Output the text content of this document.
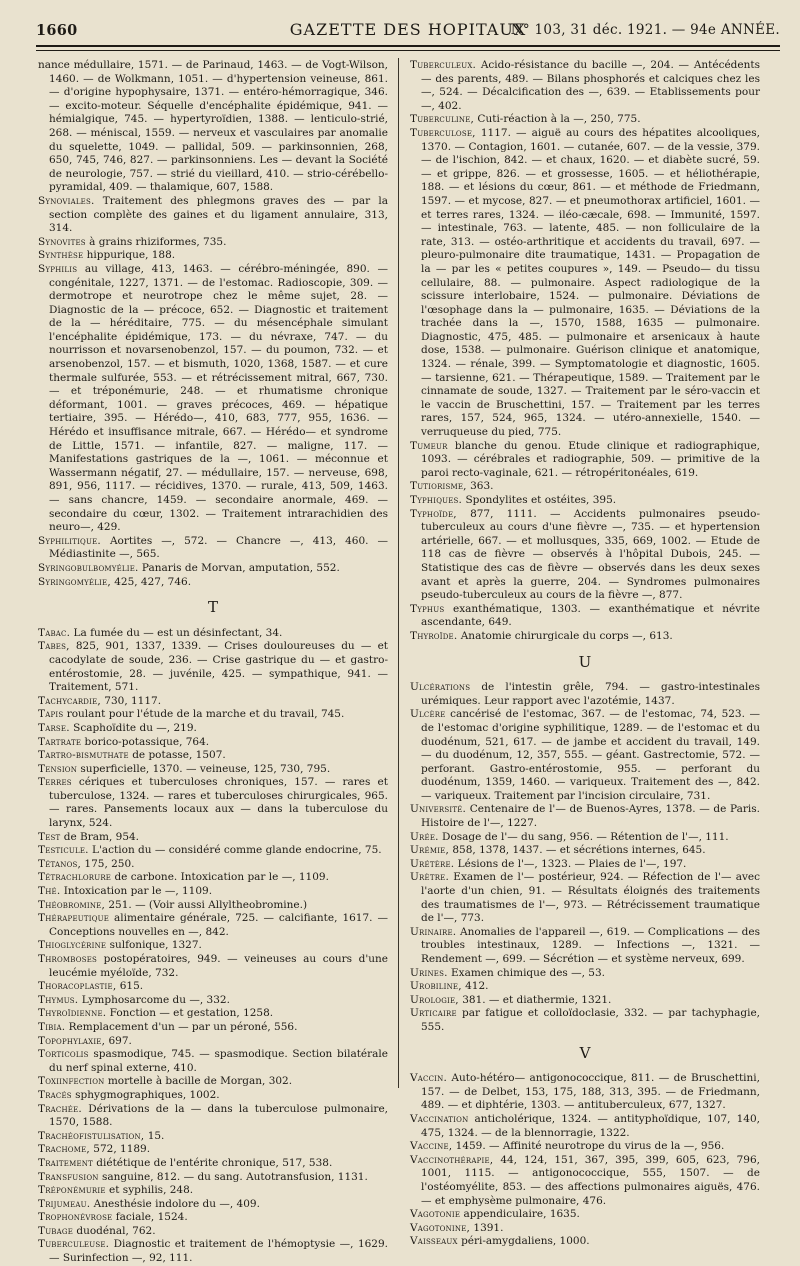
1660	GAZETTE DES HOPITAUX
N° 103, 31 déc. 1921. — 94e ANNÉE.

nance médullaire, 1571. — de Parinaud, 1463. — de Vogt-Wilson, 1460. — de Wolkmann, 1051. — d'hypertension veineuse, 861. — d'origine hypophysaire, 1371. — entéro-hémorragique, 346. — excito-moteur. Séquelle d'encéphalite épidémique, 941. — hémialgique, 745. — hypertyroïdien, 1388. — lenticulo-strié, 268. — méniscal, 1559. — nerveux et vasculaires par anomalie du squelette, 1049. — pallidal, 509. — parkinsonnien, 268, 650, 745, 746, 827. — parkinsonniens. Les — devant la Société de neurologie, 757. — strié du vieillard, 410. — strio-cérébello-pyramidal, 409. — thalamique, 607, 1588.

Synoviales. Traitement des phlegmons graves des — par la section complète des gaines et du ligament annulaire, 313, 314.

Synovites à grains rhiziformes, 735.

Synthèse hippurique, 188.

Syphilis au village, 413, 1463. — cérébro-méningée, 890. — congénitale, 1227, 1371. — de l'estomac. Radioscopie, 309. — dermotrope et neurotrope chez le même sujet, 28. — Diagnostic de la — précoce, 652. — Diagnostic et traitement de la — héréditaire, 775. — du mésencéphale simulant l'encéphalite épidémique, 173. — du névraxe, 747. — du nourrisson et novarsenobenzol, 157. — du poumon, 732. — et arsenobenzol, 157. — et bismuth, 1020, 1368, 1587. — et cure thermale sulfurée, 553. — et rétrécissement mitral, 667, 730. — et tréponémurie, 248. — et rhumatisme chronique déformant, 1001. — graves précoces, 469. — hépatique tertiaire, 395. — Hérédo—, 410, 683, 777, 955, 1636. — Hérédo et insuffisance mitrale, 667. — Hérédo— et syndrome de Little, 1571. — infantile, 827. — maligne, 117. — Manifestations gastriques de la —, 1061. — méconnue et Wassermann négatif, 27. — médullaire, 157. — nerveuse, 698, 891, 956, 1117. — récidives, 1370. — rurale, 413, 509, 1463. — sans chancre, 1459. — secondaire anormale, 469. — secondaire du cœur, 1302. — Traitement intrarachidien des neuro—, 429.

Syphilitique. Aortites —, 572. — Chancre —, 413, 460. — Médiastinite —, 565.

Syringobulbomyélie. Panaris de Morvan, amputation, 552.

Syringomyélie, 425, 427, 746.

T

Tabac. La fumée du — est un désinfectant, 34.

Tabes, 825, 901, 1337, 1339. — Crises douloureuses du — et cacodylate de soude, 236. — Crise gastrique du — et gastro-entérostomie, 28. — juvénile, 425. — sympathique, 941. — Traitement, 571.

Tachycardie, 730, 1117.

Tapis roulant pour l'étude de la marche et du travail, 745.

Tarse. Scaphoïdite du —, 219.

Tartrate borico-potassique, 764.

Tartro-bismuthate de potasse, 1507.

Tension superficielle, 1370. — veineuse, 125, 730, 795.

Terres cériques et tuberculoses chroniques, 157. — rares et tuberculose, 1324. — rares et tuberculoses chirurgicales, 965. — rares. Pansements locaux aux — dans la tuberculose du larynx, 524.

Test de Bram, 954.

Testicule. L'action du — considéré comme glande endocrine, 75.

Tétanos, 175, 250.

Tétrachlorure de carbone. Intoxication par le —, 1109.

Thé. Intoxication par le —, 1109.

Théobromine, 251. — (Voir aussi Allyltheobromine.)

Thérapeutique alimentaire générale, 725. — calcifiante, 1617. — Conceptions nouvelles en —, 842.

Thioglycérine sulfonique, 1327.

Thromboses postopératoires, 949. — veineuses au cours d'une leucémie myéloïde, 732.

Thoracoplastie, 615.

Thymus. Lymphosarcome du —, 332.

Thyroïdienne. Fonction — et gestation, 1258.

Tibia. Remplacement d'un — par un péroné, 556.

Topophylaxie, 697.

Torticolis spasmodique, 745. — spasmodique. Section bilatérale du nerf spinal externe, 410.

Toxiinfection mortelle à bacille de Morgan, 302.

Tracés sphygmographiques, 1002.

Trachée. Dérivations de la — dans la tuberculose pulmonaire, 1570, 1588.

Trachéofistulisation, 15.

Trachome, 572, 1189.

Traitement diététique de l'entérite chronique, 517, 538.

Transfusion sanguine, 812. — du sang. Autotransfusion, 1131.

Tréponémurie et syphilis, 248.

Trijumeau. Anesthésie indolore du —, 409.

Trophonévrose faciale, 1524.

Tubage duodénal, 762.

Tuberculeuse. Diagnostic et traitement de l'hémoptysie —, 1629. — Surinfection —, 92, 111.

Tuberculeux. Acido-résistance du bacille —, 204. — Antécédents — des parents, 489. — Bilans phosphorés et calciques chez les —, 524. — Décalcification des —, 639. — Etablissements pour —, 402.

Tuberculine, Cuti-réaction à la —, 250, 775.

Tuberculose, 1117. — aiguë au cours des hépatites alcooliques, 1370. — Contagion, 1601. — cutanée, 607. — de la vessie, 379. — de l'ischion, 842. — et chaux, 1620. — et diabète sucré, 59. — et grippe, 826. — et grossesse, 1605. — et héliothérapie, 188. — et lésions du cœur, 861. — et méthode de Friedmann, 1597. — et mycose, 827. — et pneumothorax artificiel, 1601. — et terres rares, 1324. — iléo-cæcale, 698. — Immunité, 1597. — intestinale, 763. — latente, 485. — non folliculaire de la rate, 313. — ostéo-arthritique et accidents du travail, 697. — pleuro-pulmonaire dite traumatique, 1431. — Propagation de la — par les « petites coupures », 149. — Pseudo— du tissu cellulaire, 88. — pulmonaire. Aspect radiologique de la scissure interlobaire, 1524. — pulmonaire. Déviations de l'œsophage dans la — pulmonaire, 1635. — Déviations de la trachée dans la —, 1570, 1588, 1635 — pulmonaire. Diagnostic, 475, 485. — pulmonaire et arsenicaux à haute dose, 1538. — pulmonaire. Guérison clinique et anatomique, 1324. — rénale, 399. — Symptomatologie et diagnostic, 1605. — tarsienne, 621. — Thérapeutique, 1589. — Traitement par le cinnamate de soude, 1327. — Traitement par le séro-vaccin et le vaccin de Bruschettini, 157. — Traitement par les terres rares, 157, 524, 965, 1324. — utéro-annexielle, 1540. — verruqueuse du pied, 775.

Tumeur blanche du genou. Etude clinique et radiographique, 1093. — cérébrales et radiographie, 509. — primitive de la paroi recto-vaginale, 621. — rétropéritonéales, 619.

Tutiorisme, 363.

Typhiques. Spondylites et ostéites, 395.

Typhoïde, 877, 1111. — Accidents pulmonaires pseudo-tuberculeux au cours d'une fièvre —, 735. — et hypertension artérielle, 667. — et mollusques, 335, 669, 1002. — Etude de 118 cas de fièvre — observés à l'hôpital Dubois, 245. — Statistique des cas de fièvre — observés dans les deux sexes avant et après la guerre, 204. — Syndromes pulmonaires pseudo-tuberculeux au cours de la fièvre —, 877.

Typhus exanthématique, 1303. — exanthématique et névrite ascendante, 649.

Thyroïde. Anatomie chirurgicale du corps —, 613.

U

Ulcérations de l'intestin grêle, 794. — gastro-intestinales urémiques. Leur rapport avec l'azotémie, 1437.

Ulcère cancérisé de l'estomac, 367. — de l'estomac, 74, 523. — de l'estomac d'origine syphilitique, 1289. — de l'estomac et du duodénum, 521, 617. — de jambe et accident du travail, 149. — du duodénum, 12, 357, 555. — géant. Gastrectomie, 572. — perforant. Gastro-entérostomie, 955. — perforant du duodénum, 1359, 1460. — variqueux. Traitement des —, 842. — variqueux. Traitement par l'incision circulaire, 731.

Université. Centenaire de l'— de Buenos-Ayres, 1378. — de Paris. Histoire de l'—, 1227.

Urée. Dosage de l'— du sang, 956. — Rétention de l'—, 111.

Urémie, 858, 1378, 1437. — et sécrétions internes, 645.

Urétère. Lésions de l'—, 1323. — Plaies de l'—, 197.

Urètre. Examen de l'— postérieur, 924. — Réfection de l'— avec l'aorte d'un chien, 91. — Résultats éloignés des traitements des traumatismes de l'—, 973. — Rétrécissement traumatique de l'—, 773.

Urinaire. Anomalies de l'appareil —, 619. — Complications — des troubles intestinaux, 1289. — Infections —, 1321. — Rendement —, 699. — Sécrétion — et système nerveux, 699.

Urines. Examen chimique des —, 53.

Urobiline, 412.

Urologie, 381. — et diathermie, 1321.

Urticaire par fatigue et colloïdoclasie, 332. — par tachyphagie, 555.

V

Vaccin. Auto-hétéro— antigonococcique, 811. — de Bruschettini, 157. — de Delbet, 153, 175, 188, 313, 395. — de Friedmann, 489. — et diphtérie, 1303. — antituberculeux, 677, 1327.

Vaccination anticholérique, 1324. — antityphoïdique, 107, 140, 475, 1324. — de la blennorragie, 1322.

Vaccine, 1459. — Affinité neurotrope du virus de la —, 956.

Vaccinothérapie, 44, 124, 151, 367, 395, 399, 605, 623, 796, 1001, 1115. — antigonococcique, 555, 1507. — de l'ostéomyélite, 853. — des affections pulmonaires aiguës, 476. — et emphysème pulmonaire, 476.

Vagotonie appendiculaire, 1635.

Vagotonine, 1391.

Vaisseaux péri-amygdaliens, 1000.
